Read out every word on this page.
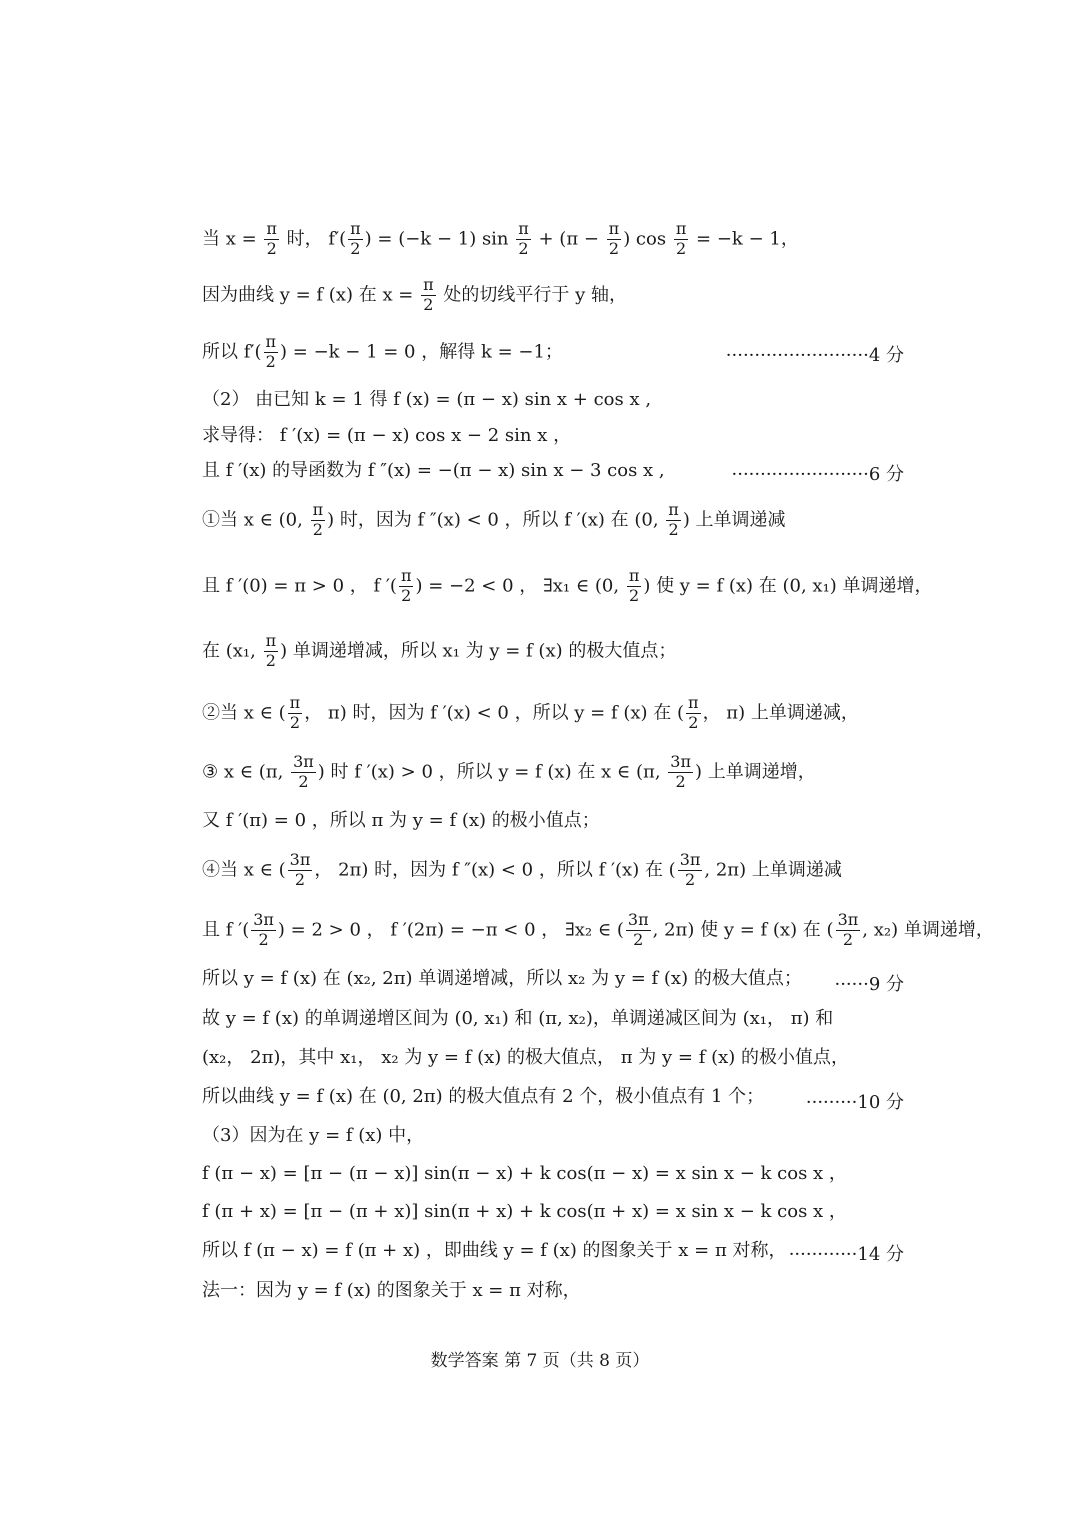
当 $x = \frac{\pi}{2}$ 时， $f'( \frac{\pi}{2}$ ) = (−k − 1) $\sin \frac{\pi}{2} + (\pi - \frac{\pi}{2}$ ) $\cos \frac{\pi}{2} = -k - 1$，
因为曲线 y = f (x) 在 $x = \frac{\pi}{2}$ 处的切线平行于 y 轴，
所以 $f'( \frac{\pi}{2}$ ) = −k − 1 = 0 ，解得 k = −1；	·························4 分
（2） 由已知 k = 1 得 f (x) = (π − x) sin x + cos x ,
求导得： f ′(x) = (π − x) cos x − 2 sin x ，
且 f ′(x) 的导函数为 f ″(x) = −(π − x) sin x − 3 cos x ,	························6 分
①当 x ∈ (0, $\frac{\pi}{2}$ ) 时，因为 f ″(x) < 0 ，所以 f ′(x) 在 (0, $\frac{\pi}{2}$ ) 上单调递减
且 f ′(0) = π > 0 ， f ′( $\frac{\pi}{2}$ ) = −2 < 0 ， ∃x₁ ∈ (0, $\frac{\pi}{2}$ ) 使 y = f (x) 在 (0, x₁) 单调递增，
在 (x₁, $\frac{\pi}{2}$ ) 单调递增减，所以 x₁ 为 y = f (x) 的极大值点；
②当 x ∈ ( $\frac{\pi}{2}$ ， π) 时，因为 f ′(x) < 0 ，所以 y = f (x) 在 ( $\frac{\pi}{2}$ ， π) 上单调递减，
③ x ∈ (π, $\frac{3\pi}{2}$ ) 时 f ′(x) > 0 ，所以 y = f (x) 在 x ∈ (π, $\frac{3\pi}{2}$ ) 上单调递增，
又 f ′(π) = 0 ，所以 π 为 y = f (x) 的极小值点；
④当 x ∈ ( $\frac{3\pi}{2}$ ， 2π) 时，因为 f ″(x) < 0 ，所以 f ′(x) 在 ( $\frac{3\pi}{2}$ , 2π) 上单调递减
且 f ′( $\frac{3\pi}{2}$ ) = 2 > 0 ， f ′(2π) = −π < 0 ， ∃x₂ ∈ ( $\frac{3\pi}{2}$ , 2π) 使 y = f (x) 在 ( $\frac{3\pi}{2}$ , x₂) 单调递增，
所以 y = f (x) 在 (x₂, 2π) 单调递增减，所以 x₂ 为 y = f (x) 的极大值点； ······9 分
故 y = f (x) 的单调递增区间为 (0, x₁) 和 (π, x₂)，单调递减区间为 (x₁， π) 和
(x₂， 2π)，其中 x₁， x₂ 为 y = f (x) 的极大值点， π 为 y = f (x) 的极小值点，
所以曲线 y = f (x) 在 (0, 2π) 的极大值点有 2 个，极小值点有 1 个； ·········10 分
（3）因为在 y = f (x) 中，
f (π − x) = [π − (π − x)] sin(π − x) + k cos(π − x) = x sin x − k cos x ，
f (π + x) = [π − (π + x)] sin(π + x) + k cos(π + x) = x sin x − k cos x ，
所以 f (π − x) = f (π + x) ，即曲线 y = f (x) 的图象关于 x = π 对称， ············14 分
法一：因为 y = f (x) 的图象关于 x = π 对称，
数学答案 第 7 页（共 8 页）
